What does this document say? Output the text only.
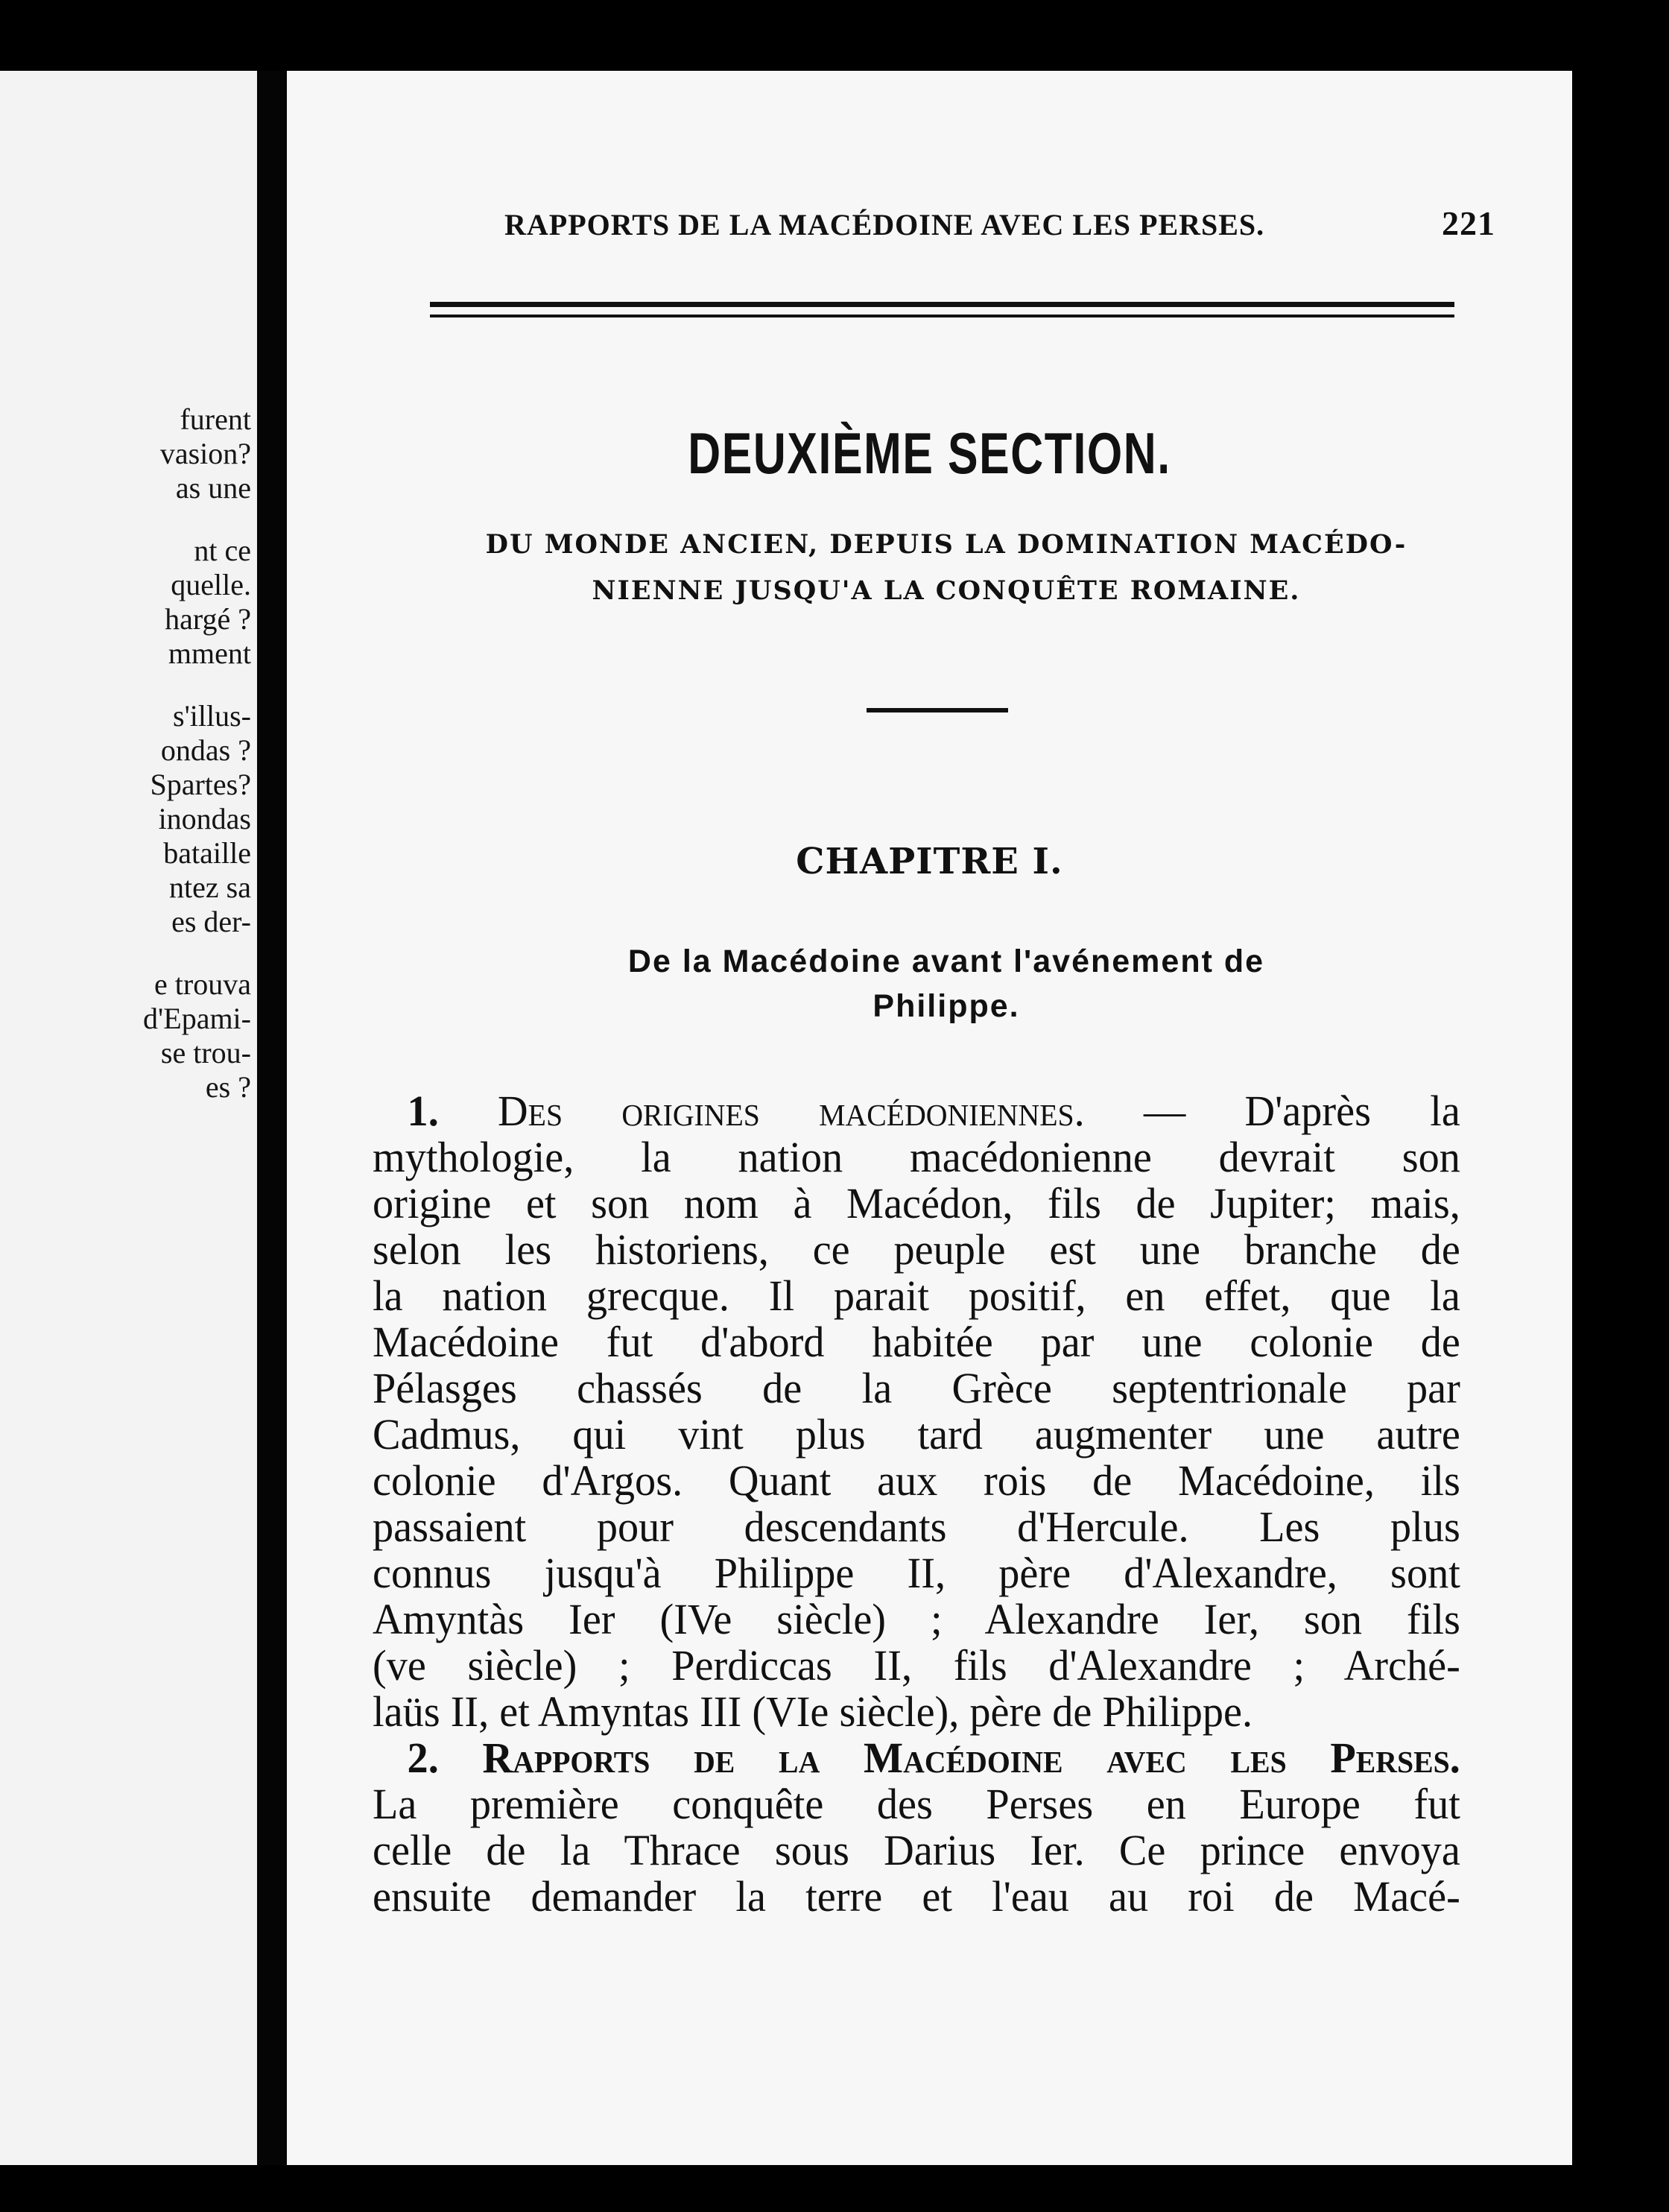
furent
vasion?
as une
nt ce
quelle.
hargé ?
mment
s'illus-
ondas ?
Spartes?
inondas
bataille
ntez sa
es der-
e trouva
d'Epami-
se trou-
es ?
RAPPORTS DE LA MACÉDOINE AVEC LES PERSES.	221
DEUXIÈME SECTION.
DU MONDE ANCIEN, DEPUIS LA DOMINATION MACÉDO-
NIENNE JUSQU'A LA CONQUÊTE ROMAINE.
CHAPITRE I.
De la Macédoine avant l'avénement de
Philippe.
1. Des origines macédoniennes. — D'après la
mythologie, la nation macédonienne devrait son
origine et son nom à Macédon, fils de Jupiter; mais,
selon les historiens, ce peuple est une branche de
la nation grecque. Il parait positif, en effet, que la
Macédoine fut d'abord habitée par une colonie de
Pélasges chassés de la Grèce septentrionale par
Cadmus, qui vint plus tard augmenter une autre
colonie d'Argos. Quant aux rois de Macédoine, ils
passaient pour descendants d'Hercule. Les plus
connus jusqu'à Philippe II, père d'Alexandre, sont
Amyntàs Ier (IVe siècle) ; Alexandre Ier, son fils
(ve siècle) ; Perdiccas II, fils d'Alexandre ; Arché-
laüs II, et Amyntas III (VIe siècle), père de Philippe.
2. Rapports de la Macédoine avec les Perses.
La première conquête des Perses en Europe fut
celle de la Thrace sous Darius Ier. Ce prince envoya
ensuite demander la terre et l'eau au roi de Macé-
